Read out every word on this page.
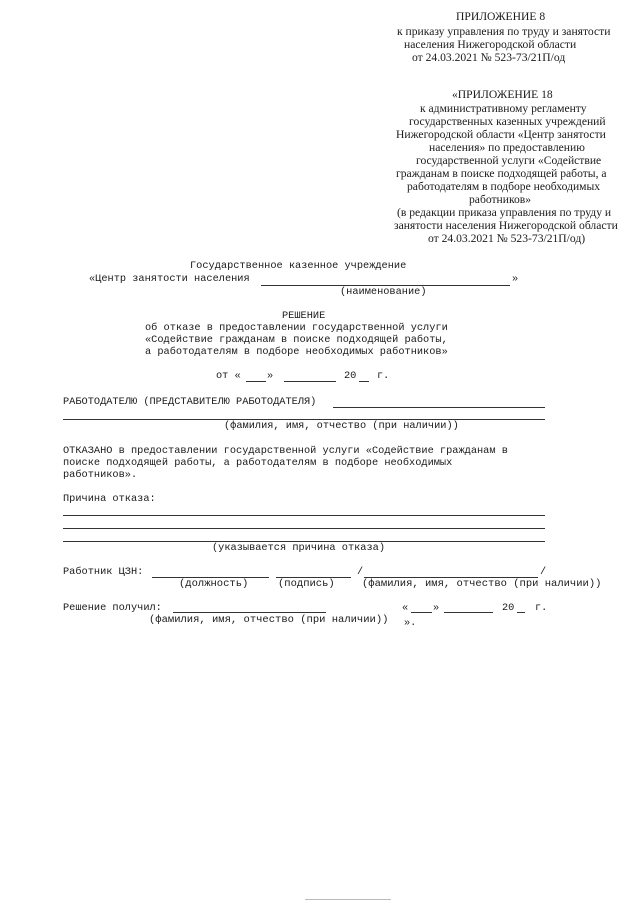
ПРИЛОЖЕНИЕ 8
к приказу управления по труду и занятости
населения Нижегородской области
от 24.03.2021 № 523-73/21П/од
«ПРИЛОЖЕНИЕ 18
к административному регламенту
государственных казенных учреждений
Нижегородской области «Центр занятости
населения» по предоставлению
государственной услуги «Содействие
гражданам в поиске подходящей работы, а
работодателям в подборе необходимых
работников»
(в редакции приказа управления по труду и
занятости населения Нижегородской области
от 24.03.2021 № 523-73/21П/од)
Государственное казенное учреждение
«Центр занятости населения	»
(наименование)
РЕШЕНИЕ
об отказе в предоставлении государственной услуги
«Содействие гражданам в поиске подходящей работы,
а работодателям в подборе необходимых работников»
от «	»	20 г.
РАБОТОДАТЕЛЮ (ПРЕДСТАВИТЕЛЮ РАБОТОДАТЕЛЯ)
(фамилия, имя, отчество (при наличии))
ОТКАЗАНО в предоставлении государственной услуги «Содействие гражданам в
поиске подходящей работы, а работодателям в подборе необходимых
работников».
Причина отказа:
(указывается причина отказа)
Работник ЦЗН:	/	/
(должность)	(подпись)	(фамилия, имя, отчество (при наличии))
Решение получил:
(фамилия, имя, отчество (при наличии))
« »	20 г.
».
